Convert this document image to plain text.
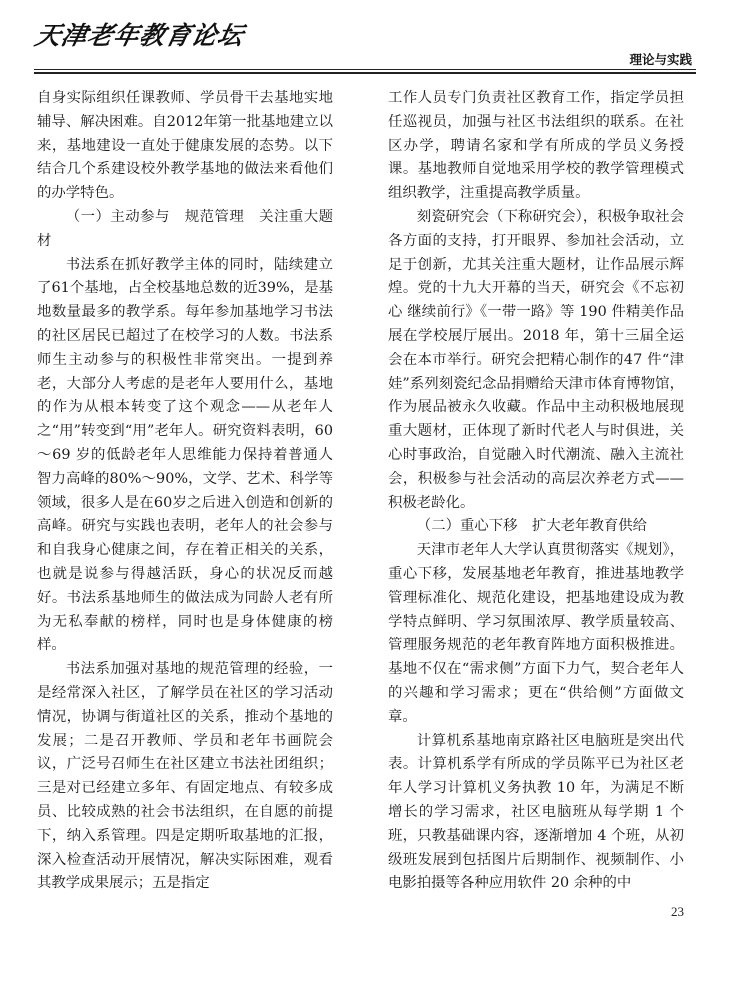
天津老年教育论坛
理论与实践

自身实际组织任课教师、学员骨干去基地实地辅导、解决困难。自2012年第一批基地建立以来，基地建设一直处于健康发展的态势。以下结合几个系建设校外教学基地的做法来看他们的办学特色。

（一）主动参与　规范管理　关注重大题材

书法系在抓好教学主体的同时，陆续建立了61个基地，占全校基地总数的近39%，是基地数量最多的教学系。每年参加基地学习书法的社区居民已超过了在校学习的人数。书法系师生主动参与的积极性非常突出。一提到养老，大部分人考虑的是老年人要用什么，基地的作为从根本转变了这个观念——从老年人之“用”转变到“用”老年人。研究资料表明，60～69 岁的低龄老年人思维能力保持着普通人智力高峰的80%～90%，文学、艺术、科学等领域，很多人是在60岁之后进入创造和创新的高峰。研究与实践也表明，老年人的社会参与和自我身心健康之间，存在着正相关的关系，也就是说参与得越活跃，身心的状况反而越好。书法系基地师生的做法成为同龄人老有所为无私奉献的榜样，同时也是身体健康的榜样。

书法系加强对基地的规范管理的经验，一是经常深入社区，了解学员在社区的学习活动情况，协调与街道社区的关系，推动个基地的发展；二是召开教师、学员和老年书画院会议，广泛号召师生在社区建立书法社团组织；三是对已经建立多年、有固定地点、有较多成员、比较成熟的社会书法组织，在自愿的前提下，纳入系管理。四是定期听取基地的汇报，深入检查活动开展情况，解决实际困难，观看其教学成果展示；五是指定

工作人员专门负责社区教育工作，指定学员担任巡视员，加强与社区书法组织的联系。在社区办学，聘请名家和学有所成的学员义务授课。基地教师自觉地采用学校的教学管理模式组织教学，注重提高教学质量。

刻瓷研究会（下称研究会），积极争取社会各方面的支持，打开眼界、参加社会活动，立足于创新，尤其关注重大题材，让作品展示辉煌。党的十九大开幕的当天，研究会《不忘初心 继续前行》《一带一路》等 190 件精美作品展在学校展厅展出。2018 年，第十三届全运会在本市举行。研究会把精心制作的47 件“津娃”系列刻瓷纪念品捐赠给天津市体育博物馆，作为展品被永久收藏。作品中主动积极地展现重大题材，正体现了新时代老人与时俱进，关心时事政治，自觉融入时代潮流、融入主流社会，积极参与社会活动的高层次养老方式——积极老龄化。

（二）重心下移　扩大老年教育供给

天津市老年人大学认真贯彻落实《规划》，重心下移，发展基地老年教育，推进基地教学管理标准化、规范化建设，把基地建设成为教学特点鲜明、学习氛围浓厚、教学质量较高、管理服务规范的老年教育阵地方面积极推进。基地不仅在“需求侧”方面下力气，契合老年人的兴趣和学习需求；更在“供给侧”方面做文章。

计算机系基地南京路社区电脑班是突出代表。计算机系学有所成的学员陈平已为社区老年人学习计算机义务执教 10 年，为满足不断增长的学习需求，社区电脑班从每学期 1 个班，只教基础课内容，逐渐增加 4 个班，从初级班发展到包括图片后期制作、视频制作、小电影拍摄等各种应用软件 20 余种的中

23
